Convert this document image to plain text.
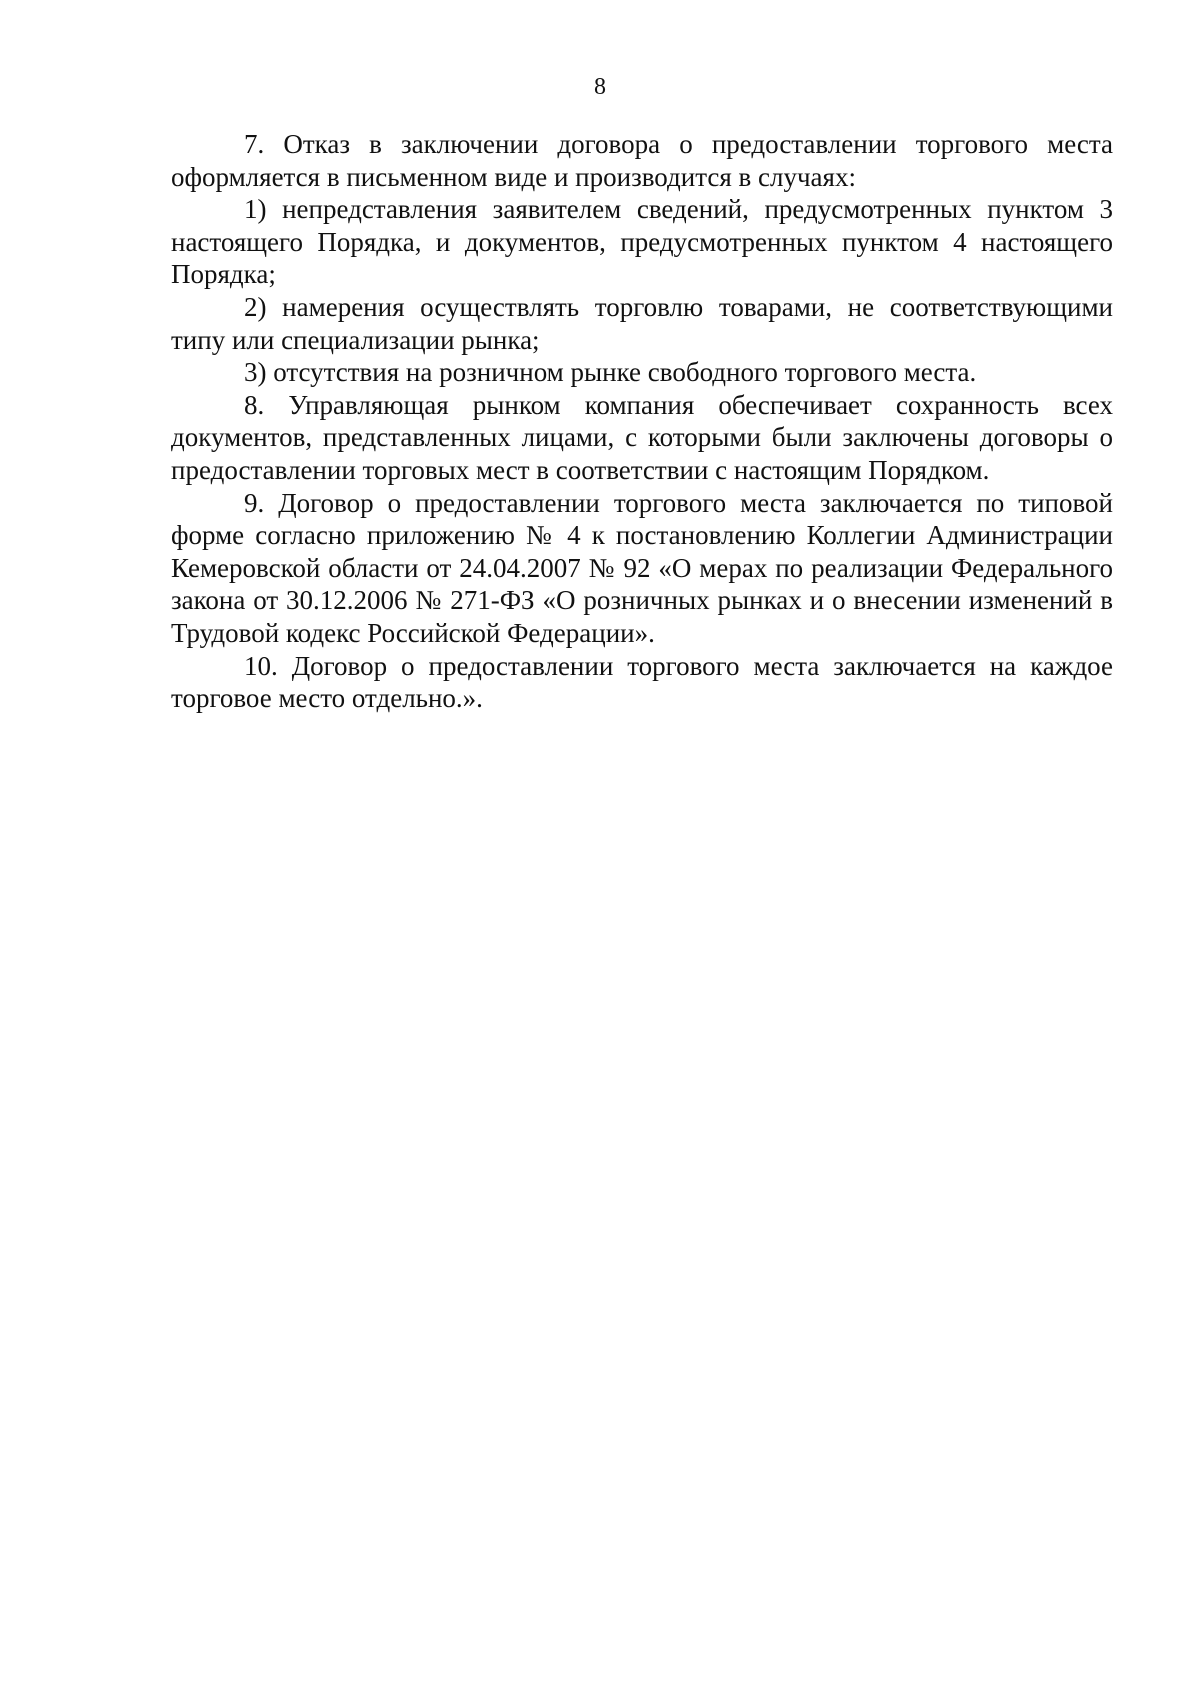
8

7. Отказ в заключении договора о предоставлении торгового места оформляется в письменном виде и производится в случаях:

1) непредставления заявителем сведений, предусмотренных пунктом 3 настоящего Порядка, и документов, предусмотренных пунктом 4 настоящего Порядка;

2) намерения осуществлять торговлю товарами, не соответствующими типу или специализации рынка;

3) отсутствия на розничном рынке свободного торгового места.

8. Управляющая рынком компания обеспечивает сохранность всех документов, представленных лицами, с которыми были заключены договоры о предоставлении торговых мест в соответствии с настоящим Порядком.

9. Договор о предоставлении торгового места заключается по типовой форме согласно приложению № 4 к постановлению Коллегии Администрации Кемеровской области от 24.04.2007 № 92 «О мерах по реализации Федерального закона от 30.12.2006 № 271-ФЗ «О розничных рынках и о внесении изменений в Трудовой кодекс Российской Федерации».

10. Договор о предоставлении торгового места заключается на каждое торговое место отдельно.».
